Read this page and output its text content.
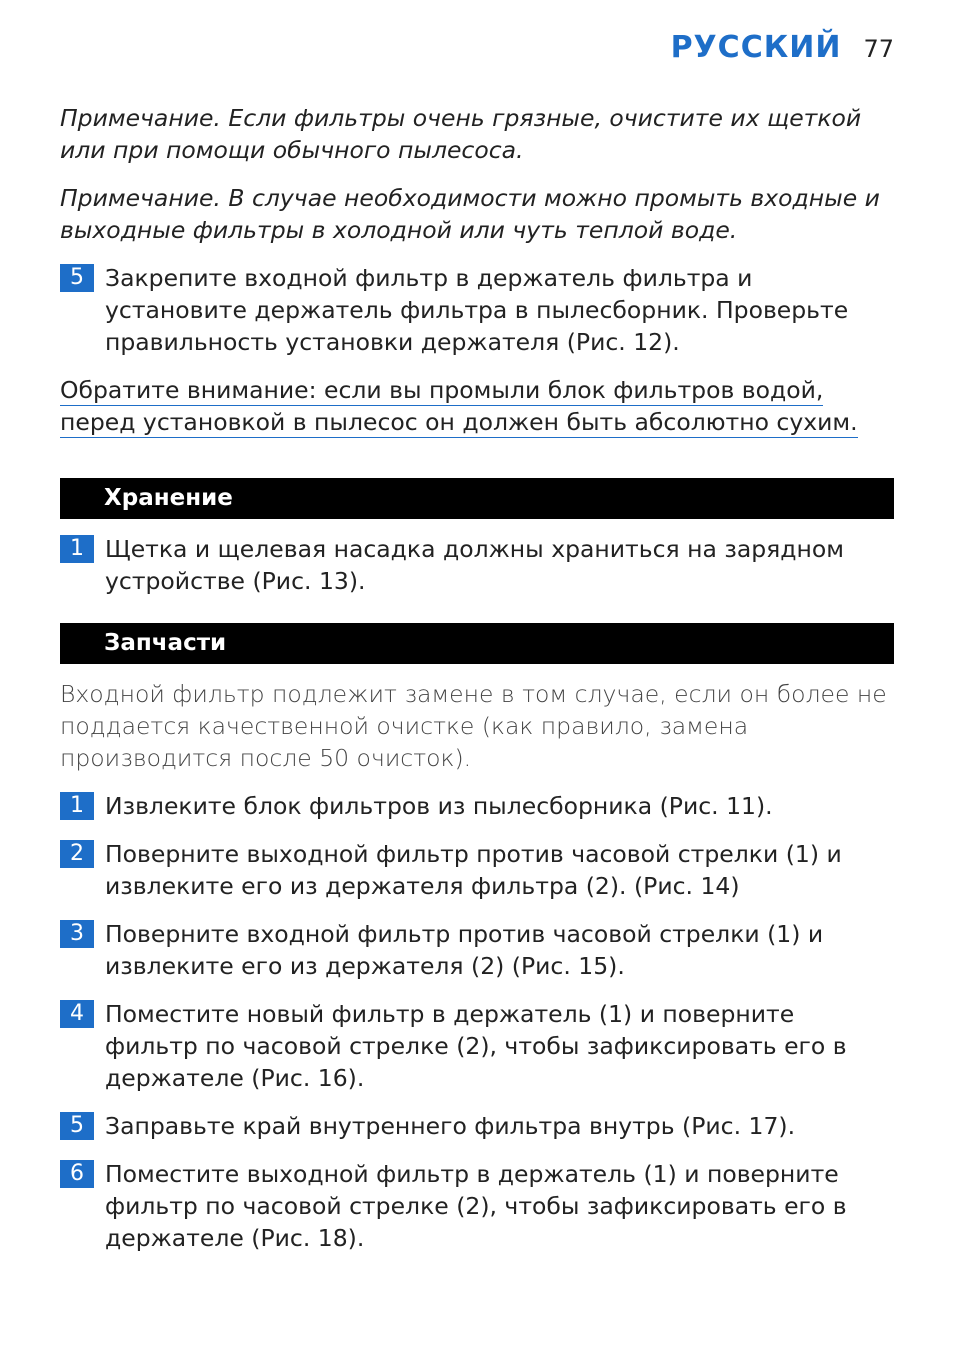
РУССКИЙ 77

Примечание. Если фильтры очень грязные, очистите их щеткой или при помощи обычного пылесоса.

Примечание. В случае необходимости можно промыть входные и выходные фильтры в холодной или чуть теплой воде.

5 Закрепите входной фильтр в держатель фильтра и установите держатель фильтра в пылесборник. Проверьте правильность установки держателя (Рис. 12).

Обратите внимание: если вы промыли блок фильтров водой, перед установкой в пылесос он должен быть абсолютно сухим.

Хранение
1 Щетка и щелевая насадка должны храниться на зарядном устройстве (Рис. 13).
Запчасти

Входной фильтр подлежит замене в том случае, если он более не поддается качественной очистке (как правило, замена производится после 50 очисток).

1 Извлеките блок фильтров из пылесборника (Рис. 11).
2 Поверните выходной фильтр против часовой стрелки (1) и извлеките его из держателя фильтра (2). (Рис. 14)
3 Поверните входной фильтр против часовой стрелки (1) и извлеките его из держателя (2) (Рис. 15).
4 Поместите новый фильтр в держатель (1) и поверните фильтр по часовой стрелке (2), чтобы зафиксировать его в держателе (Рис. 16).
5 Заправьте край внутреннего фильтра внутрь (Рис. 17).
6 Поместите выходной фильтр в держатель (1) и поверните фильтр по часовой стрелке (2), чтобы зафиксировать его в держателе (Рис. 18).
